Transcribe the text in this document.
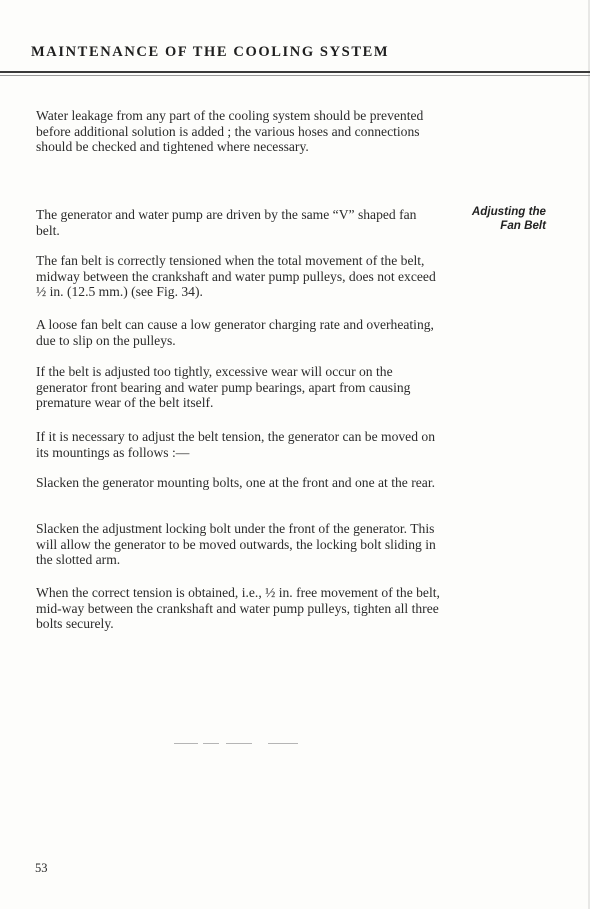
MAINTENANCE OF THE COOLING SYSTEM

Water leakage from any part of the cooling system should be prevented before additional solution is added ; the various hoses and connections should be checked and tightened where necessary.

The generator and water pump are driven by the same “V” shaped fan belt.

Adjusting the
Fan Belt

The fan belt is correctly tensioned when the total movement of the belt, midway between the crankshaft and water pump pulleys, does not exceed ½ in. (12.5 mm.) (see Fig. 34).

A loose fan belt can cause a low generator charging rate and overheating, due to slip on the pulleys.

If the belt is adjusted too tightly, excessive wear will occur on the generator front bearing and water pump bearings, apart from causing premature wear of the belt itself.

If it is necessary to adjust the belt tension, the generator can be moved on its mountings as follows :—

Slacken the generator mounting bolts, one at the front and one at the rear.

Slacken the adjustment locking bolt under the front of the generator. This will allow the generator to be moved outwards, the locking bolt sliding in the slotted arm.

When the correct tension is obtained, i.e., ½ in. free movement of the belt, mid-way between the crankshaft and water pump pulleys, tighten all three bolts securely.

53
